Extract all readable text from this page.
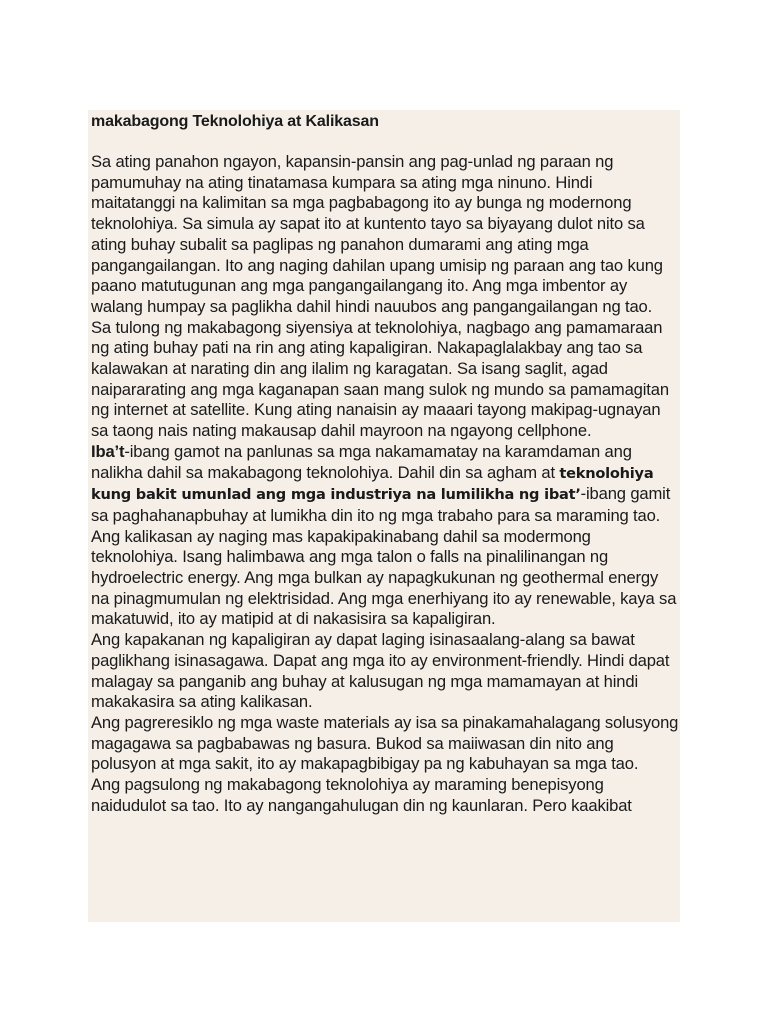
makabagong Teknolohiya at Kalikasan

Sa ating panahon ngayon, kapansin-pansin ang pag-unlad ng paraan ng pamumuhay na ating tinatamasa kumpara sa ating mga ninuno. Hindi maitatanggi na kalimitan sa mga pagbabagong ito ay bunga ng modernong teknolohiya. Sa simula ay sapat ito at kuntento tayo sa biyayang dulot nito sa ating buhay subalit sa paglipas ng panahon dumarami ang ating mga pangangailangan. Ito ang naging dahilan upang umisip ng paraan ang tao kung paano matutugunan ang mga pangangailangang ito. Ang mga imbentor ay walang humpay sa paglikha dahil hindi nauubos ang pangangailangan ng tao.

Sa tulong ng makabagong siyensiya at teknolohiya, nagbago ang pamamaraan ng ating buhay pati na rin ang ating kapaligiran. Nakapaglalakbay ang tao sa kalawakan at narating din ang ilalim ng karagatan. Sa isang saglit, agad naipararating ang mga kaganapan saan mang sulok ng mundo sa pamamagitan ng internet at satellite. Kung ating nanaisin ay maaari tayong makipag-ugnayan sa taong nais nating makausap dahil mayroon na ngayong cellphone.

Iba’t-ibang gamot na panlunas sa mga nakamamatay na karamdaman ang nalikha dahil sa makabagong teknolohiya. Dahil din sa agham at teknolohiya kung bakit umunlad ang mga industriya na lumilikha ng ibat’-ibang gamit sa paghahanapbuhay at lumikha din ito ng mga trabaho para sa maraming tao.

Ang kalikasan ay naging mas kapakipakinabang dahil sa modermong teknolohiya. Isang halimbawa ang mga talon o falls na pinalilinangan ng hydroelectric energy. Ang mga bulkan ay napagkukunan ng geothermal energy na pinagmumulan ng elektrisidad. Ang mga enerhiyang ito ay renewable, kaya sa makatuwid, ito ay matipid at di nakasisira sa kapaligiran.

Ang kapakanan ng kapaligiran ay dapat laging isinasaalang-alang sa bawat paglikhang isinasagawa. Dapat ang mga ito ay environment-friendly. Hindi dapat malagay sa panganib ang buhay at kalusugan ng mga mamamayan at hindi makakasira sa ating kalikasan.

Ang pagreresiklo ng mga waste materials ay isa sa pinakamahalagang solusyong magagawa sa pagbabawas ng basura. Bukod sa maiiwasan din nito ang polusyon at mga sakit, ito ay makapagbibigay pa ng kabuhayan sa mga tao.

Ang pagsulong ng makabagong teknolohiya ay maraming benepisyong naidudulot sa tao. Ito ay nangangahulugan din ng kaunlaran. Pero kaakibat
